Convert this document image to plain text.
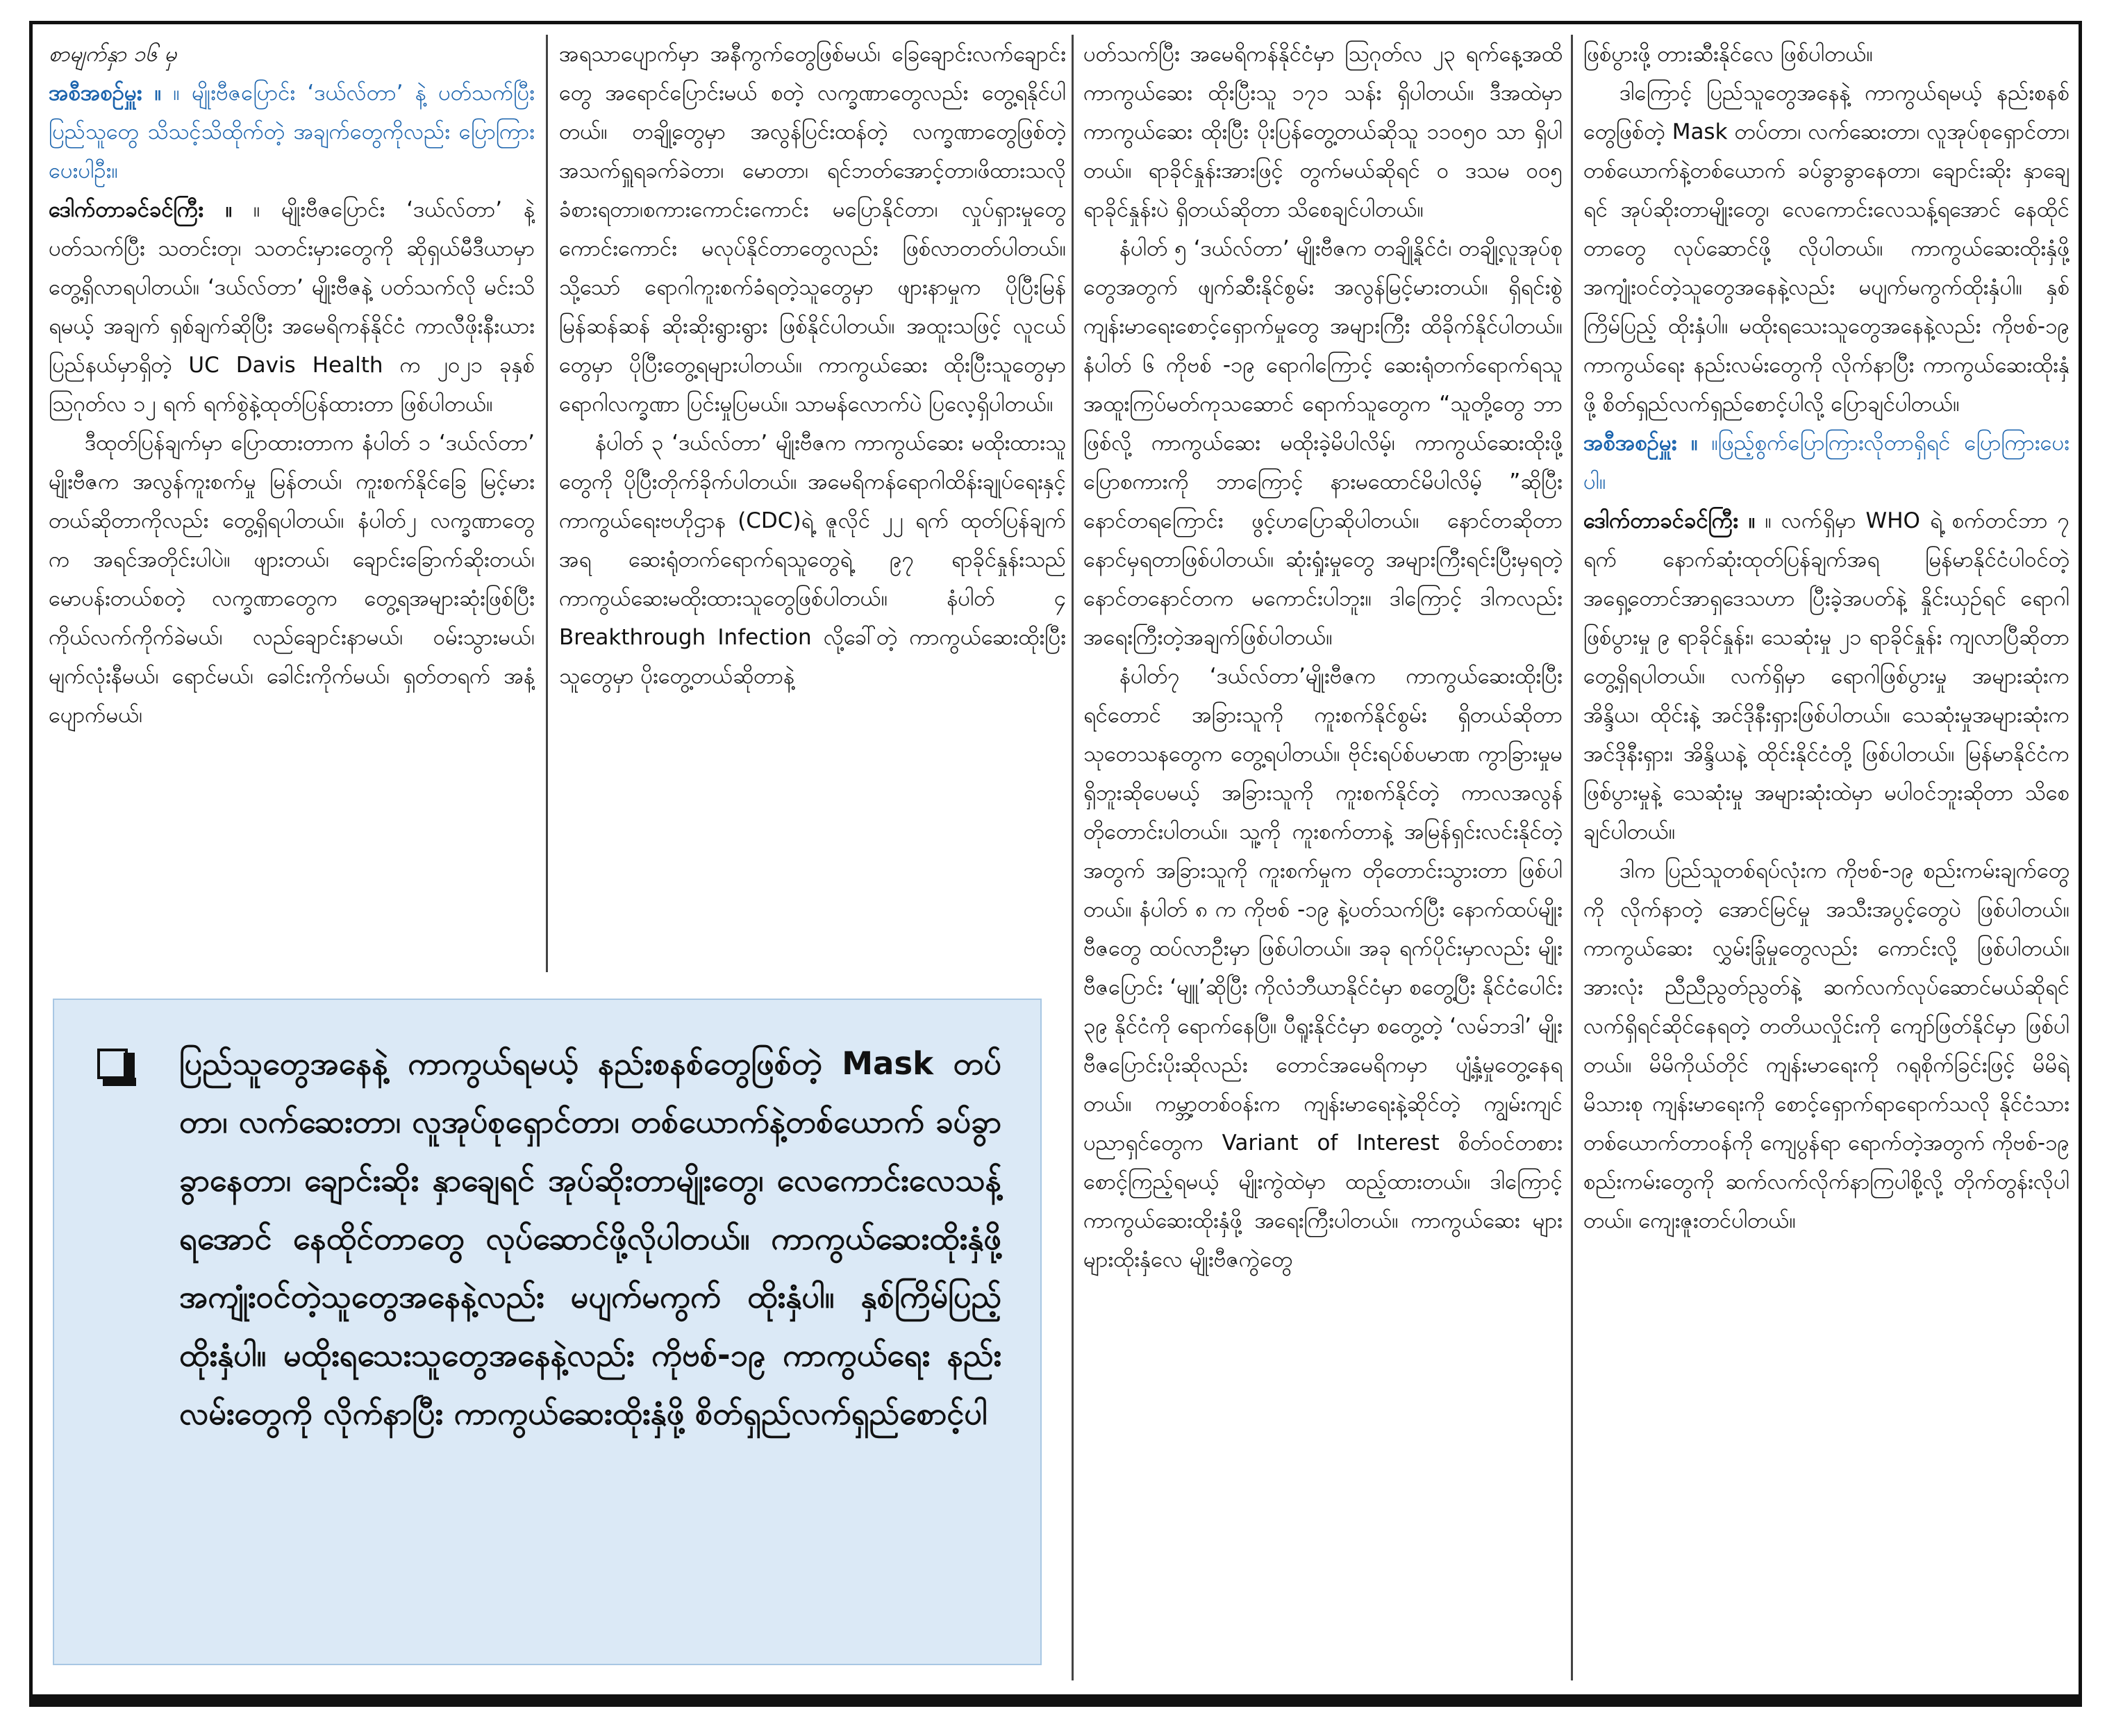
စာမျက်နှာ ၁၆ မှ

အစီအစဉ်မှူး ။ ။ မျိုးဗီဇပြောင်း ‘ဒယ်လ်တာ’ နဲ့ ပတ်သက်ပြီး ပြည်သူတွေ သိသင့်သိထိုက်တဲ့ အချက်တွေကိုလည်း ပြောကြားပေးပါဦး။

ဒေါက်တာခင်ခင်ကြီး ။ ။ မျိုးဗီဇပြောင်း ‘ဒယ်လ်တာ’ နဲ့ပတ်သက်ပြီး သတင်းတု၊ သတင်းမှားတွေကို ဆိုရှယ်မီဒီယာမှာ တွေ့ရှိလာရပါတယ်။ ‘ဒယ်လ်တာ’ မျိုးဗီဇနဲ့ ပတ်သက်လို မင်းသိရမယ့် အချက် ရှစ်ချက်ဆိုပြီး အမေရိကန်နိုင်ငံ ကာလီဖိုးနီးယားပြည်နယ်မှာရှိတဲ့ UC Davis Health က ၂၀၂၁ ခုနှစ် ဩဂုတ်လ ၁၂ ရက် ရက်စွဲနဲ့ထုတ်ပြန်ထားတာ ဖြစ်ပါတယ်။

ဒီထုတ်ပြန်ချက်မှာ ပြောထားတာက နံပါတ် ၁ ‘ဒယ်လ်တာ’ မျိုးဗီဇက အလွန်ကူးစက်မှု မြန်တယ်၊ ကူးစက်နိုင်ခြေ မြင့်မားတယ်ဆိုတာကိုလည်း တွေ့ရှိရပါတယ်။ နံပါတ်၂ လက္ခဏာတွေက အရင်အတိုင်းပါပဲ။ ဖျားတယ်၊ ချောင်းခြောက်ဆိုးတယ်၊ မောပန်းတယ်စတဲ့ လက္ခဏာတွေက တွေ့ရအများဆုံးဖြစ်ပြီး ကိုယ်လက်ကိုက်ခဲမယ်၊ လည်ချောင်းနာမယ်၊ ဝမ်းသွားမယ်၊ မျက်လုံးနီမယ်၊ ရောင်မယ်၊ ခေါင်းကိုက်မယ်၊ ရှတ်တရက် အနံ့ပျောက်မယ်၊

အရသာပျောက်မှာ အနီကွက်တွေဖြစ်မယ်၊ ခြေချောင်းလက်ချောင်းတွေ အရောင်ပြောင်းမယ် စတဲ့ လက္ခဏာတွေလည်း တွေ့ရနိုင်ပါတယ်။ တချို့တွေမှာ အလွန်ပြင်းထန်တဲ့ လက္ခဏာတွေဖြစ်တဲ့ အသက်ရှူရခက်ခဲတာ၊ မောတာ၊ ရင်ဘတ်အောင့်တာ၊ဖိထားသလိုခံစားရတာ၊စကားကောင်းကောင်း မပြောနိုင်တာ၊ လှုပ်ရှားမှုတွေ ကောင်းကောင်း မလုပ်နိုင်တာတွေလည်း ဖြစ်လာတတ်ပါတယ်။ သို့သော် ရောဂါကူးစက်ခံရတဲ့သူတွေမှာ ဖျားနာမှုက ပိုပြီးမြန်မြန်ဆန်ဆန် ဆိုးဆိုးရွားရွား ဖြစ်နိုင်ပါတယ်။ အထူးသဖြင့် လူငယ်တွေမှာ ပိုပြီးတွေ့ရများပါတယ်။ ကာကွယ်ဆေး ထိုးပြီးသူတွေမှာ ရောဂါလက္ခဏာ ပြင်းမှုပြမယ်။ သာမန်လောက်ပဲ ပြလေ့ရှိပါတယ်။

နံပါတ် ၃ ‘ဒယ်လ်တာ’ မျိုးဗီဇက ကာကွယ်ဆေး မထိုးထားသူတွေကို ပိုပြီးတိုက်ခိုက်ပါတယ်။ အမေရိကန်ရောဂါထိန်းချုပ်ရေးနှင့် ကာကွယ်ရေးဗဟိုဌာန (CDC)ရဲ့ ဇူလိုင် ၂၂ ရက် ထုတ်ပြန်ချက်အရ ဆေးရုံတက်ရောက်ရသူတွေရဲ့ ၉၇ ရာခိုင်နှုန်းသည် ကာကွယ်ဆေးမထိုးထားသူတွေဖြစ်ပါတယ်။ နံပါတ် ၄ Breakthrough Infection လို့ခေါ်တဲ့ ကာကွယ်ဆေးထိုးပြီးသူတွေမှာ ပိုးတွေ့တယ်ဆိုတာနဲ့

ပတ်သက်ပြီး အမေရိကန်နိုင်ငံမှာ ဩဂုတ်လ ၂၃ ရက်နေ့အထိ ကာကွယ်ဆေး ထိုးပြီးသူ ၁၇၁ သန်း ရှိပါတယ်။ ဒီအထဲမှာ ကာကွယ်ဆေး ထိုးပြီး ပိုးပြန်တွေ့တယ်ဆိုသူ ၁၁၀၅၀ သာ ရှိပါတယ်။ ရာခိုင်နှုန်းအားဖြင့် တွက်မယ်ဆိုရင် ၀ ဒသမ ၀၀၅ ရာခိုင်နှုန်းပဲ ရှိတယ်ဆိုတာ သိစေချင်ပါတယ်။

နံပါတ် ၅ ‘ဒယ်လ်တာ’ မျိုးဗီဇက တချို့နိုင်ငံ၊ တချို့လူအုပ်စုတွေအတွက် ဖျက်ဆီးနိုင်စွမ်း အလွန်မြင့်မားတယ်။ ရှိရင်းစွဲ ကျန်းမာရေးစောင့်ရှောက်မှုတွေ အများကြီး ထိခိုက်နိုင်ပါတယ်။ နံပါတ် ၆ ကိုဗစ် -၁၉ ရောဂါကြောင့် ဆေးရုံတက်ရောက်ရသူ အထူးကြပ်မတ်ကုသဆောင် ရောက်သူတွေက “သူတို့တွေ ဘာဖြစ်လို့ ကာကွယ်ဆေး မထိုးခဲ့မိပါလိမ့်၊ ကာကွယ်ဆေးထိုးဖို့ ပြောစကားကို ဘာကြောင့် နားမထောင်မိပါလိမ့် ”ဆိုပြီး နောင်တရကြောင်း ဖွင့်ဟပြောဆိုပါတယ်။ နောင်တဆိုတာ နောင်မှရတာဖြစ်ပါတယ်။ ဆုံးရှုံးမှုတွေ အများကြီးရင်းပြီးမှရတဲ့ နောင်တနောင်တက မကောင်းပါဘူး။ ဒါကြောင့် ဒါကလည်း အရေးကြီးတဲ့အချက်ဖြစ်ပါတယ်။

နံပါတ်၇ ‘ဒယ်လ်တာ’မျိုးဗီဇက ကာကွယ်ဆေးထိုးပြီးရင်တောင် အခြားသူကို ကူးစက်နိုင်စွမ်း ရှိတယ်ဆိုတာ သုတေသနတွေက တွေ့ရပါတယ်။ ဗိုင်းရပ်စ်ပမာဏ ကွာခြားမှုမရှိဘူးဆိုပေမယ့် အခြားသူကို ကူးစက်နိုင်တဲ့ ကာလအလွန်တိုတောင်းပါတယ်။ သူ့ကို ကူးစက်တာနဲ့ အမြန်ရှင်းလင်းနိုင်တဲ့အတွက် အခြားသူကို ကူးစက်မှုက တိုတောင်းသွားတာ ဖြစ်ပါတယ်။ နံပါတ် ၈ က ကိုဗစ် -၁၉ နဲ့ပတ်သက်ပြီး နောက်ထပ်မျိုးဗီဇတွေ ထပ်လာဦးမှာ ဖြစ်ပါတယ်။ အခု ရက်ပိုင်းမှာလည်း မျိုးဗီဇပြောင်း ‘မျူ’ဆိုပြီး ကိုလံဘီယာနိုင်ငံမှာ စတွေ့ပြီး နိုင်ငံပေါင်း ၃၉ နိုင်ငံကို ရောက်နေပြီ။ ပီရူးနိုင်ငံမှာ စတွေ့တဲ့ ‘လမ်ဘဒါ’ မျိုးဗီဇပြောင်းပိုးဆိုလည်း တောင်အမေရိကမှာ ပျံ့နှံ့မှုတွေ့နေရတယ်။ ကမ္ဘာ့တစ်ဝန်းက ကျန်းမာရေးနဲ့ဆိုင်တဲ့ ကျွမ်းကျင်ပညာရှင်တွေက Variant of Interest စိတ်ဝင်တစား စောင့်ကြည့်ရမယ့် မျိုးကွဲထဲမှာ ထည့်ထားတယ်။ ဒါကြောင့် ကာကွယ်ဆေးထိုးနှံဖို့ အရေးကြီးပါတယ်။ ကာကွယ်ဆေး များများထိုးနှံလေ မျိုးဗီဇကွဲတွေ

ဖြစ်ပွားဖို့ တားဆီးနိုင်လေ ဖြစ်ပါတယ်။

ဒါကြောင့် ပြည်သူတွေအနေနဲ့ ကာကွယ်ရမယ့် နည်းစနစ်တွေဖြစ်တဲ့ Mask တပ်တာ၊ လက်ဆေးတာ၊ လူအုပ်စုရှောင်တာ၊ တစ်ယောက်နဲ့တစ်ယောက် ခပ်ခွာခွာနေတာ၊ ချောင်းဆိုး နှာချေရင် အုပ်ဆိုးတာမျိုးတွေ၊ လေကောင်းလေသန့်ရအောင် နေထိုင်တာတွေ လုပ်ဆောင်ဖို့ လိုပါတယ်။ ကာကွယ်ဆေးထိုးနှံဖို့ အကျုံးဝင်တဲ့သူတွေအနေနဲ့လည်း မပျက်မကွက်ထိုးနှံပါ။ နှစ်ကြိမ်ပြည့် ထိုးနှံပါ။ မထိုးရသေးသူတွေအနေနဲ့လည်း ကိုဗစ်-၁၉ ကာကွယ်ရေး နည်းလမ်းတွေကို လိုက်နာပြီး ကာကွယ်ဆေးထိုးနှံဖို့ စိတ်ရှည်လက်ရှည်စောင့်ပါလို့ ပြောချင်ပါတယ်။

အစီအစဉ်မှူး ။ ။ဖြည့်စွက်ပြောကြားလိုတာရှိရင် ပြောကြားပေးပါ။

ဒေါက်တာခင်ခင်ကြီး ။ ။ လက်ရှိမှာ WHO ရဲ့ စက်တင်ဘာ ၇ ရက် နောက်ဆုံးထုတ်ပြန်ချက်အရ မြန်မာနိုင်ငံပါဝင်တဲ့ အရှေ့တောင်အာရှဒေသဟာ ပြီးခဲ့အပတ်နဲ့ နှိုင်းယှဉ်ရင် ရောဂါဖြစ်ပွားမှု ၉ ရာခိုင်နှုန်း၊ သေဆုံးမှု ၂၁ ရာခိုင်နှုန်း ကျလာပြီဆိုတာ တွေ့ရှိရပါတယ်။ လက်ရှိမှာ ရောဂါဖြစ်ပွားမှု အများဆုံးက အိန္ဒိယ၊ ထိုင်းနဲ့ အင်ဒိုနီးရှားဖြစ်ပါတယ်။ သေဆုံးမှုအများဆုံးက အင်ဒိုနီးရှား၊ အိန္ဒိယနဲ့ ထိုင်းနိုင်ငံတို့ ဖြစ်ပါတယ်။ မြန်မာနိုင်ငံက ဖြစ်ပွားမှုနဲ့ သေဆုံးမှု အများဆုံးထဲမှာ မပါဝင်ဘူးဆိုတာ သိစေချင်ပါတယ်။

ဒါက ပြည်သူတစ်ရပ်လုံးက ကိုဗစ်-၁၉ စည်းကမ်းချက်တွေကို လိုက်နာတဲ့ အောင်မြင်မှု အသီးအပွင့်တွေပဲ ဖြစ်ပါတယ်။ ကာကွယ်ဆေး လွှမ်းခြုံမှုတွေလည်း ကောင်းလို့ ဖြစ်ပါတယ်။ အားလုံး ညီညီညွတ်ညွတ်နဲ့ ဆက်လက်လုပ်ဆောင်မယ်ဆိုရင် လက်ရှိရင်ဆိုင်နေရတဲ့ တတိယလှိုင်းကို ကျော်ဖြတ်နိုင်မှာ ဖြစ်ပါတယ်။ မိမိကိုယ်တိုင် ကျန်းမာရေးကို ဂရုစိုက်ခြင်းဖြင့် မိမိရဲ့မိသားစု ကျန်းမာရေးကို စောင့်ရှောက်ရာရောက်သလို နိုင်ငံသားတစ်ယောက်တာဝန်ကို ကျေပွန်ရာ ရောက်တဲ့အတွက် ကိုဗစ်-၁၉ စည်းကမ်းတွေကို ဆက်လက်လိုက်နာကြပါစို့လို့ တိုက်တွန်းလိုပါတယ်။ ကျေးဇူးတင်ပါတယ်။

ပြည်သူတွေအနေနဲ့ ကာကွယ်ရမယ့် နည်းစနစ်တွေဖြစ်တဲ့ Mask တပ်တာ၊ လက်ဆေးတာ၊ လူအုပ်စုရှောင်တာ၊ တစ်ယောက်နဲ့တစ်ယောက် ခပ်ခွာခွာနေတာ၊ ချောင်းဆိုး နှာချေရင် အုပ်ဆိုးတာမျိုးတွေ၊ လေကောင်းလေသန့်ရအောင် နေထိုင်တာတွေ လုပ်ဆောင်ဖို့လိုပါတယ်။ ကာကွယ်ဆေးထိုးနှံဖို့ အကျုံးဝင်တဲ့သူတွေအနေနဲ့လည်း မပျက်မကွက် ထိုးနှံပါ။ နှစ်ကြိမ်ပြည့် ထိုးနှံပါ။ မထိုးရသေးသူတွေအနေနဲ့လည်း ကိုဗစ်-၁၉ ကာကွယ်ရေး နည်းလမ်းတွေကို လိုက်နာပြီး ကာကွယ်ဆေးထိုးနှံဖို့ စိတ်ရှည်လက်ရှည်စောင့်ပါ
